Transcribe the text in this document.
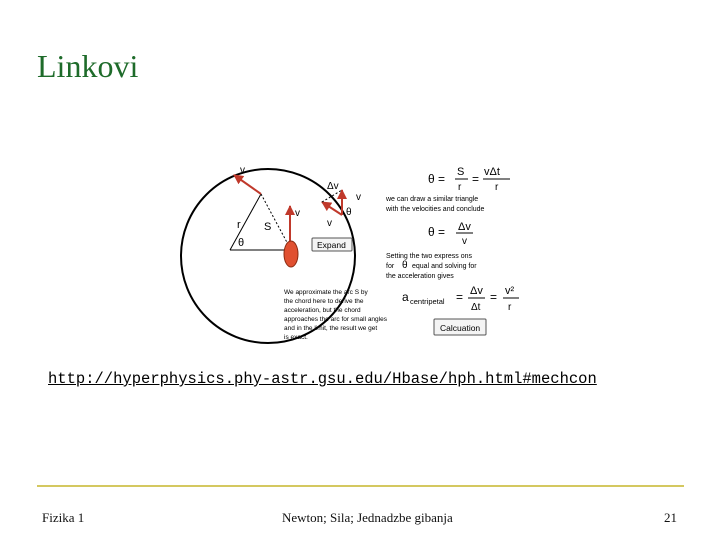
Linkovi
v
v
r S
θ
Δv
v
v
θ
Expand
θ = S
r
= vΔt
r
we can draw a similar triangle
with the velocities and conclude
θ = Δv
v
Setting the two express ons
for θ equal and solving for
the acceleration gives
a centripetal = Δv
Δt
= v²
r
We approximate the arc S by
the chord here to derive the
acceleration, but the chord
approaches the arc for small angles
and in the limit, the result we get
is exact.
Calcuation
http://hyperphysics.phy-astr.gsu.edu/Hbase/hph.html#mechcon
Fizika 1	Newton; Sila; Jednadzbe gibanja	21
